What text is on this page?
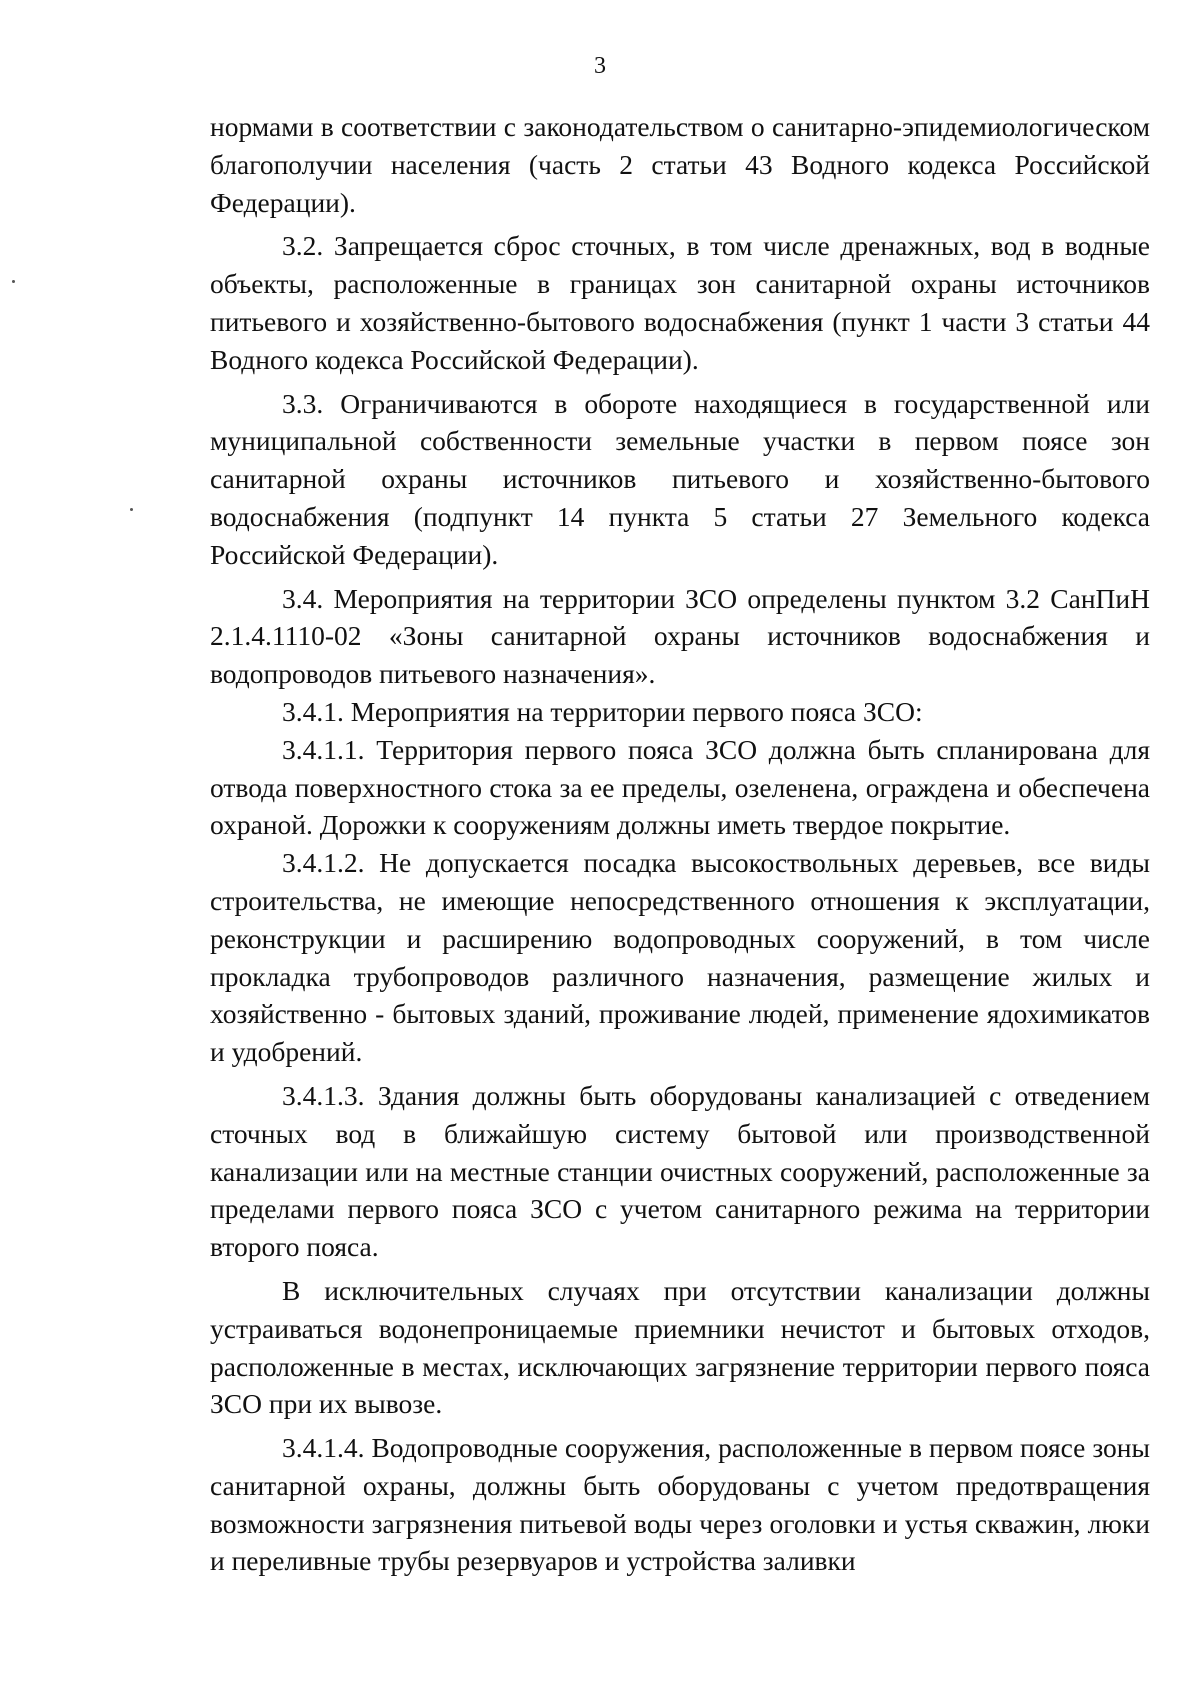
3

нормами в соответствии с законодательством о санитарно-эпидемиологическом благополучии населения (часть 2 статьи 43 Водного кодекса Российской Федерации).

3.2. Запрещается сброс сточных, в том числе дренажных, вод в водные объекты, расположенные в границах зон санитарной охраны источников питьевого и хозяйственно-бытового водоснабжения (пункт 1 части 3 статьи 44 Водного кодекса Российской Федерации).

3.3. Ограничиваются в обороте находящиеся в государственной или муниципальной собственности земельные участки в первом поясе зон санитарной охраны источников питьевого и хозяйственно-бытового водоснабжения (подпункт 14 пункта 5 статьи 27 Земельного кодекса Российской Федерации).

3.4. Мероприятия на территории ЗСО определены пунктом 3.2 СанПиН 2.1.4.1110-02 «Зоны санитарной охраны источников водоснабжения и водопроводов питьевого назначения».

3.4.1. Мероприятия на территории первого пояса ЗСО:

3.4.1.1. Территория первого пояса ЗСО должна быть спланирована для отвода поверхностного стока за ее пределы, озеленена, ограждена и обеспечена охраной. Дорожки к сооружениям должны иметь твердое покрытие.

3.4.1.2. Не допускается посадка высокоствольных деревьев, все виды строительства, не имеющие непосредственного отношения к эксплуатации, реконструкции и расширению водопроводных сооружений, в том числе прокладка трубопроводов различного назначения, размещение жилых и хозяйственно - бытовых зданий, проживание людей, применение ядохимикатов и удобрений.

3.4.1.3. Здания должны быть оборудованы канализацией с отведением сточных вод в ближайшую систему бытовой или производственной канализации или на местные станции очистных сооружений, расположенные за пределами первого пояса ЗСО с учетом санитарного режима на территории второго пояса.

В исключительных случаях при отсутствии канализации должны устраиваться водонепроницаемые приемники нечистот и бытовых отходов, расположенные в местах, исключающих загрязнение территории первого пояса ЗСО при их вывозе.

3.4.1.4. Водопроводные сооружения, расположенные в первом поясе зоны санитарной охраны, должны быть оборудованы с учетом предотвращения возможности загрязнения питьевой воды через оголовки и устья скважин, люки и переливные трубы резервуаров и устройства заливки
